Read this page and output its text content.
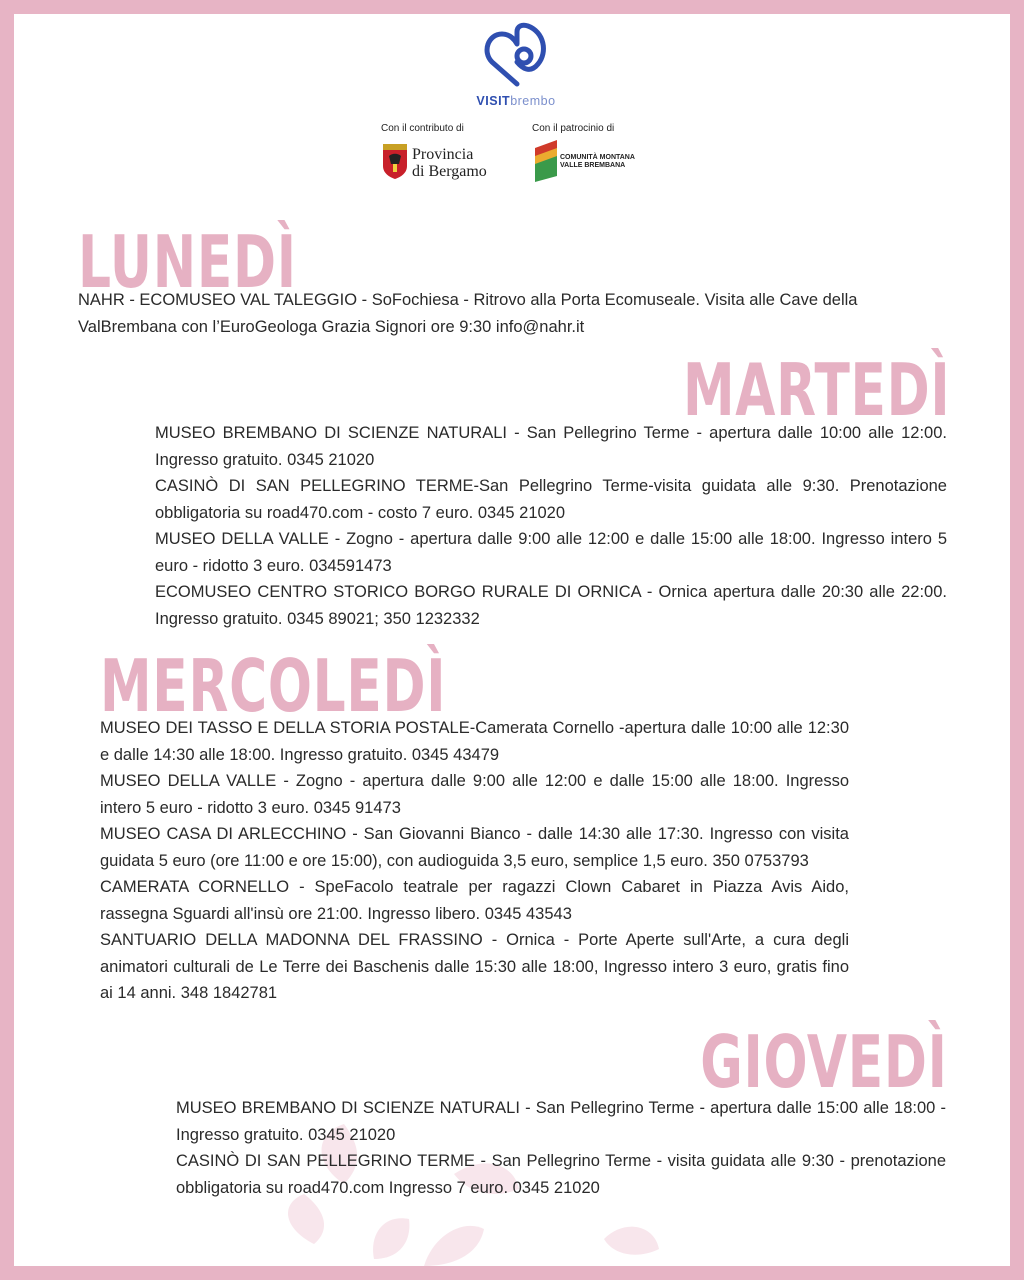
VISITbrembo
Con il contributo di
Provincia
di Bergamo
Con il patrocinio di
COMUNITÀ MONTANA
VALLE BREMBANA
LUNEDÌ

NAHR - ECOMUSEO VAL TALEGGIO - SoFochiesa - Ritrovo alla Porta Ecomuseale. Visita alle Cave della ValBrembana con l’EuroGeologa Grazia Signori ore 9:30 info@nahr.it

MARTEDÌ

MUSEO BREMBANO DI SCIENZE NATURALI - San Pellegrino Terme - apertura dalle 10:00 alle 12:00. Ingresso gratuito. 0345 21020

CASINÒ DI SAN PELLEGRINO TERME-San Pellegrino Terme-visita guidata alle 9:30. Prenotazione obbligatoria su road470.com - costo 7 euro. 0345 21020

MUSEO DELLA VALLE - Zogno - apertura dalle 9:00 alle 12:00 e dalle 15:00 alle 18:00. Ingresso intero 5 euro - ridotto 3 euro. 034591473

ECOMUSEO CENTRO STORICO BORGO RURALE DI ORNICA - Ornica apertura dalle 20:30 alle 22:00. Ingresso gratuito. 0345 89021; 350 1232332

MERCOLEDÌ

MUSEO DEI TASSO E DELLA STORIA POSTALE-Camerata Cornello -apertura dalle 10:00 alle 12:30 e dalle 14:30 alle 18:00. Ingresso gratuito. 0345 43479

MUSEO DELLA VALLE - Zogno - apertura dalle 9:00 alle 12:00 e dalle 15:00 alle 18:00. Ingresso intero 5 euro - ridotto 3 euro. 0345 91473

MUSEO CASA DI ARLECCHINO - San Giovanni Bianco - dalle 14:30 alle 17:30. Ingresso con visita guidata 5 euro (ore 11:00 e ore 15:00), con audioguida 3,5 euro, semplice 1,5 euro. 350 0753793

CAMERATA CORNELLO - SpeFacolo teatrale per ragazzi Clown Cabaret in Piazza Avis Aido, rassegna Sguardi all'insù ore 21:00. Ingresso libero. 0345 43543

SANTUARIO DELLA MADONNA DEL FRASSINO - Ornica - Porte Aperte sull'Arte, a cura degli animatori culturali de Le Terre dei Baschenis dalle 15:30 alle 18:00, Ingresso intero 3 euro, gratis fino ai 14 anni. 348 1842781

GIOVEDÌ

MUSEO BREMBANO DI SCIENZE NATURALI - San Pellegrino Terme - apertura dalle 15:00 alle 18:00 - Ingresso gratuito. 0345 21020

CASINÒ DI SAN PELLEGRINO TERME - San Pellegrino Terme - visita guidata alle 9:30 - prenotazione obbligatoria su road470.com Ingresso 7 euro. 0345 21020
